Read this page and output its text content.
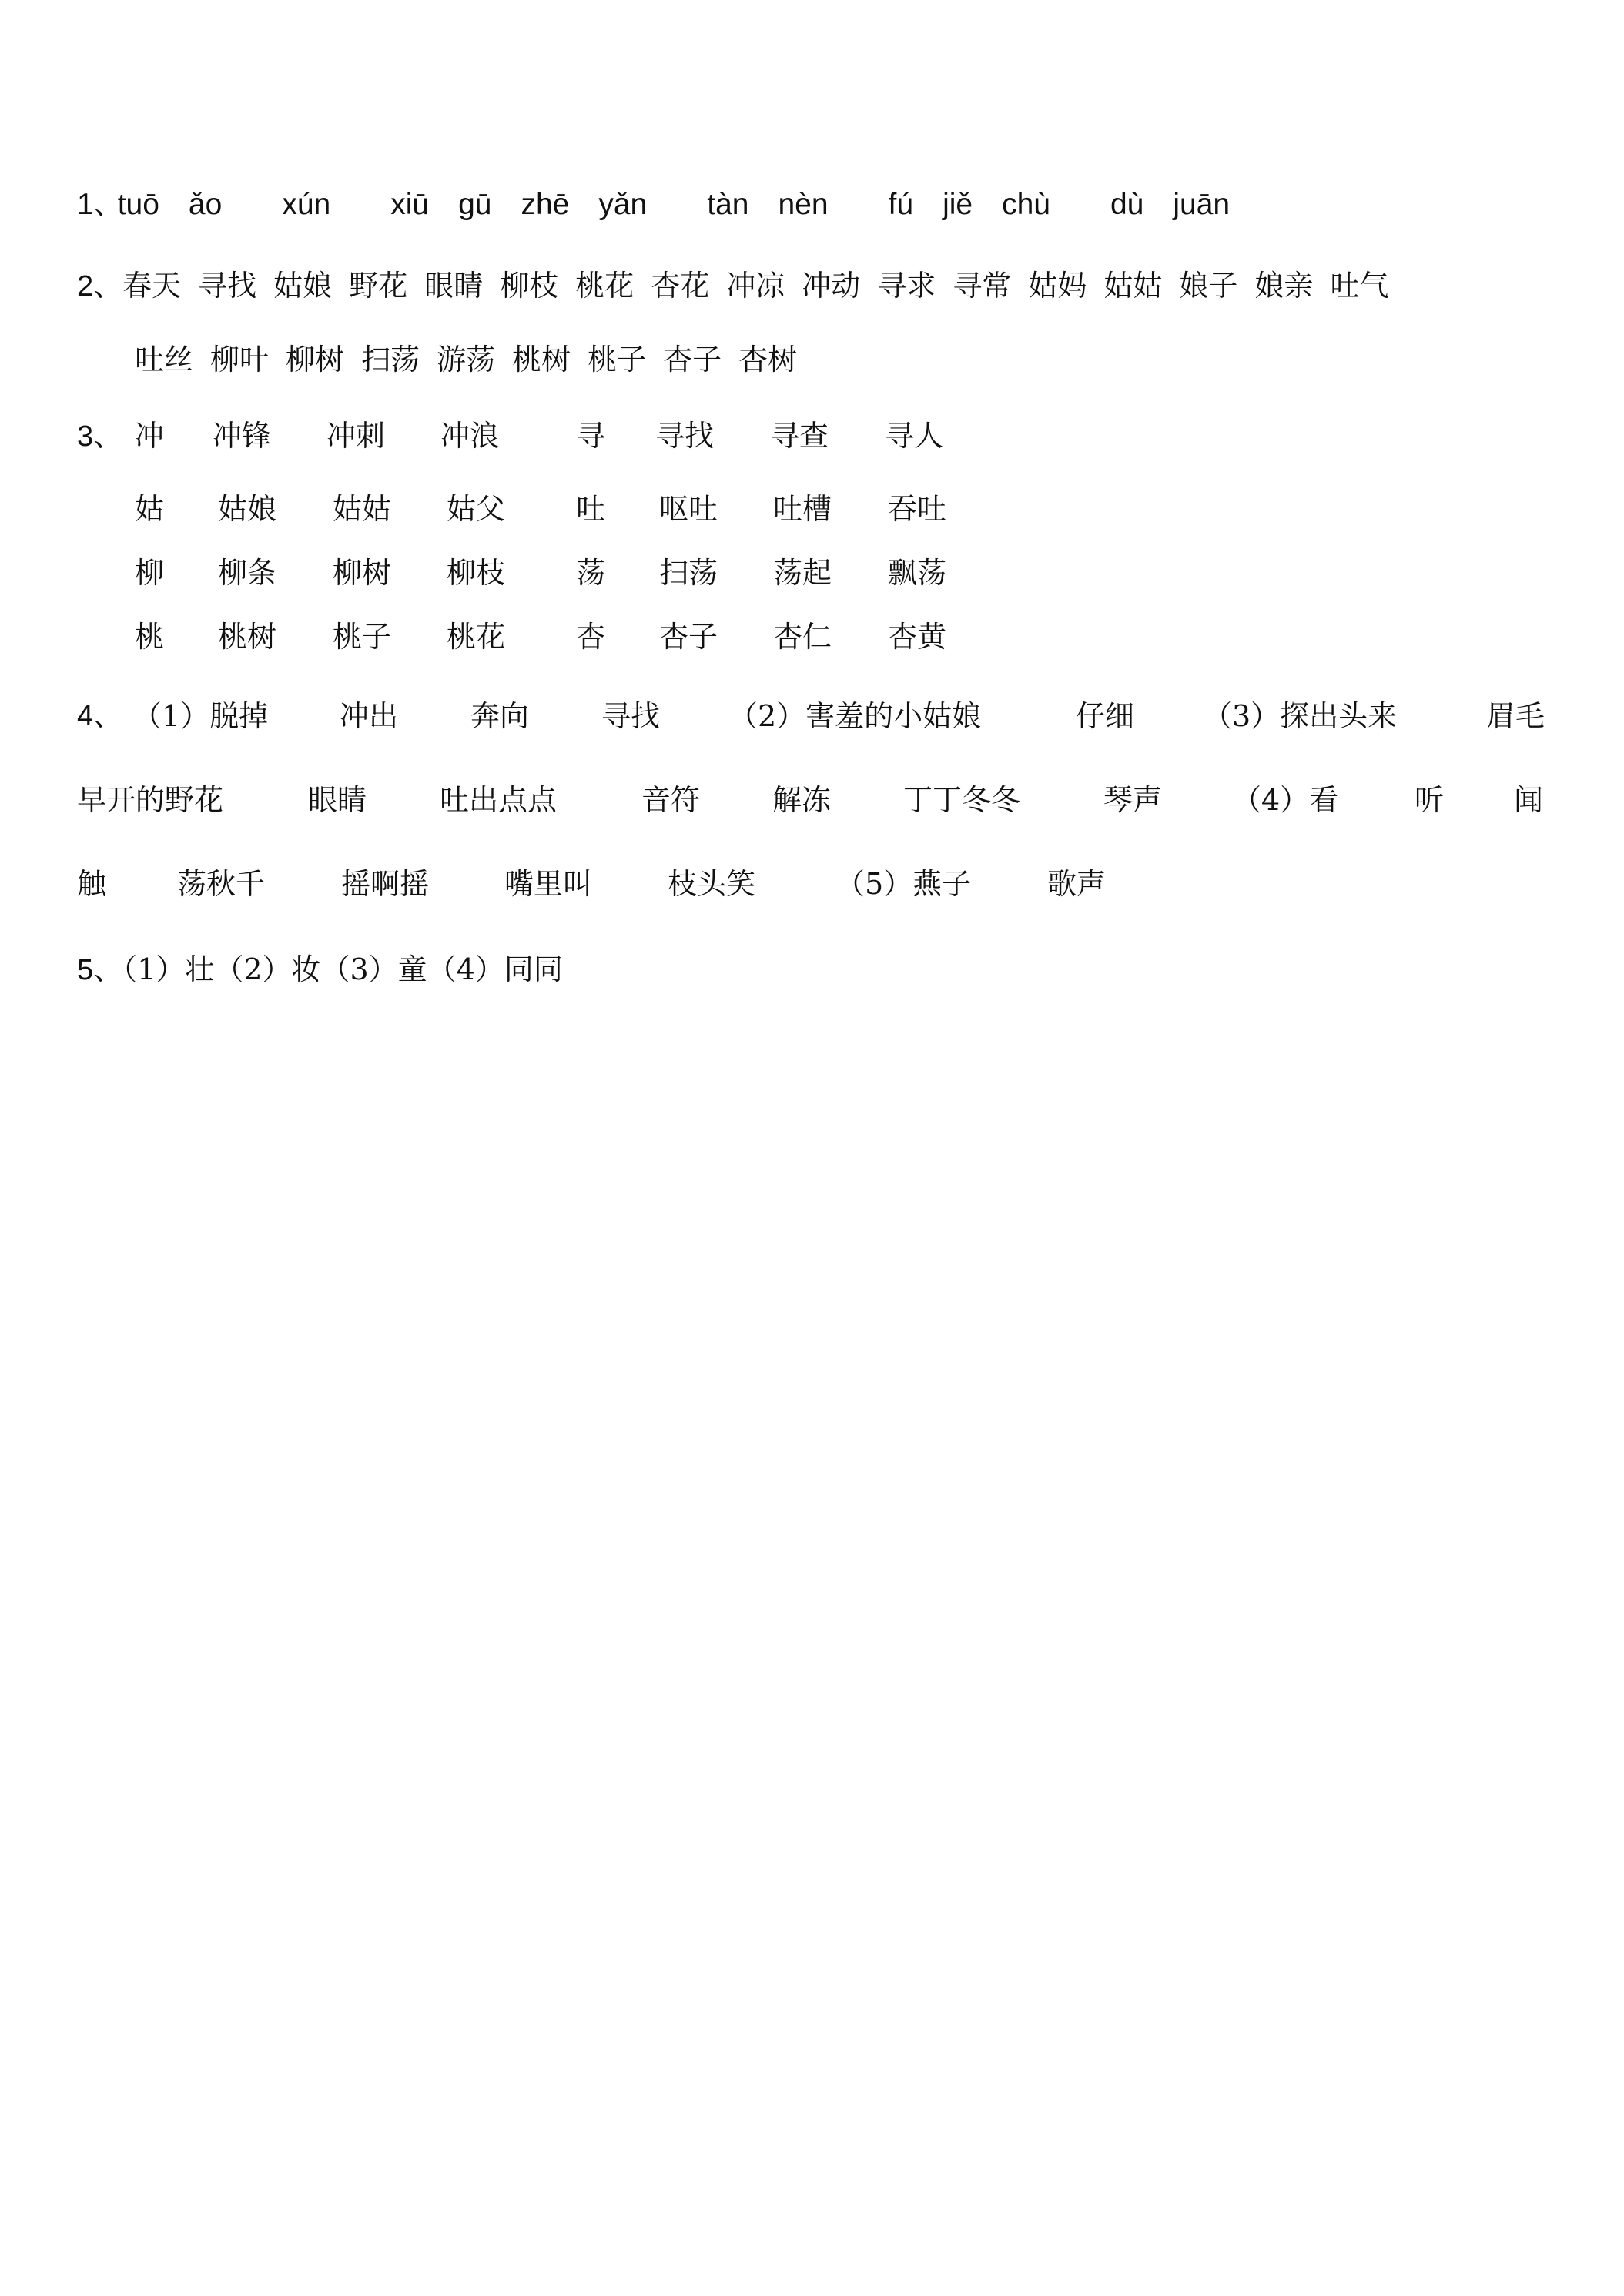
1、tuō ǎo xún xiū gū zhē yǎn tàn nèn fú jiě chù dù juān
2、春天 寻找 姑娘 野花 眼睛 柳枝 桃花 杏花 冲凉 冲动 寻求 寻常 姑妈 姑姑 娘子 娘亲 吐气
吐丝 柳叶 柳树 扫荡 游荡 桃树 桃子 杏子 杏树
3、 冲 冲锋 冲刺 冲浪	寻 寻找 寻查 寻人
姑 姑娘 姑姑 姑父 吐 呕吐 吐槽 吞吐
柳 柳条 柳树 柳枝 荡 扫荡 荡起 飘荡
桃 桃树 桃子 桃花 杏 杏子 杏仁 杏黄
4、 （1）脱掉 冲出 奔向 寻找 （2）害羞的小姑娘	仔细 （3）探出头来	眉毛
早开的野花	眼睛 吐出点点	音符 解冻 丁丁冬冬	琴声 （4）看	听 闻
触 荡秋千	摇啊摇	嘴里叫	枝头笑	（5）燕子	歌声
5、（1）壮（2）妆（3）童（4）同同
